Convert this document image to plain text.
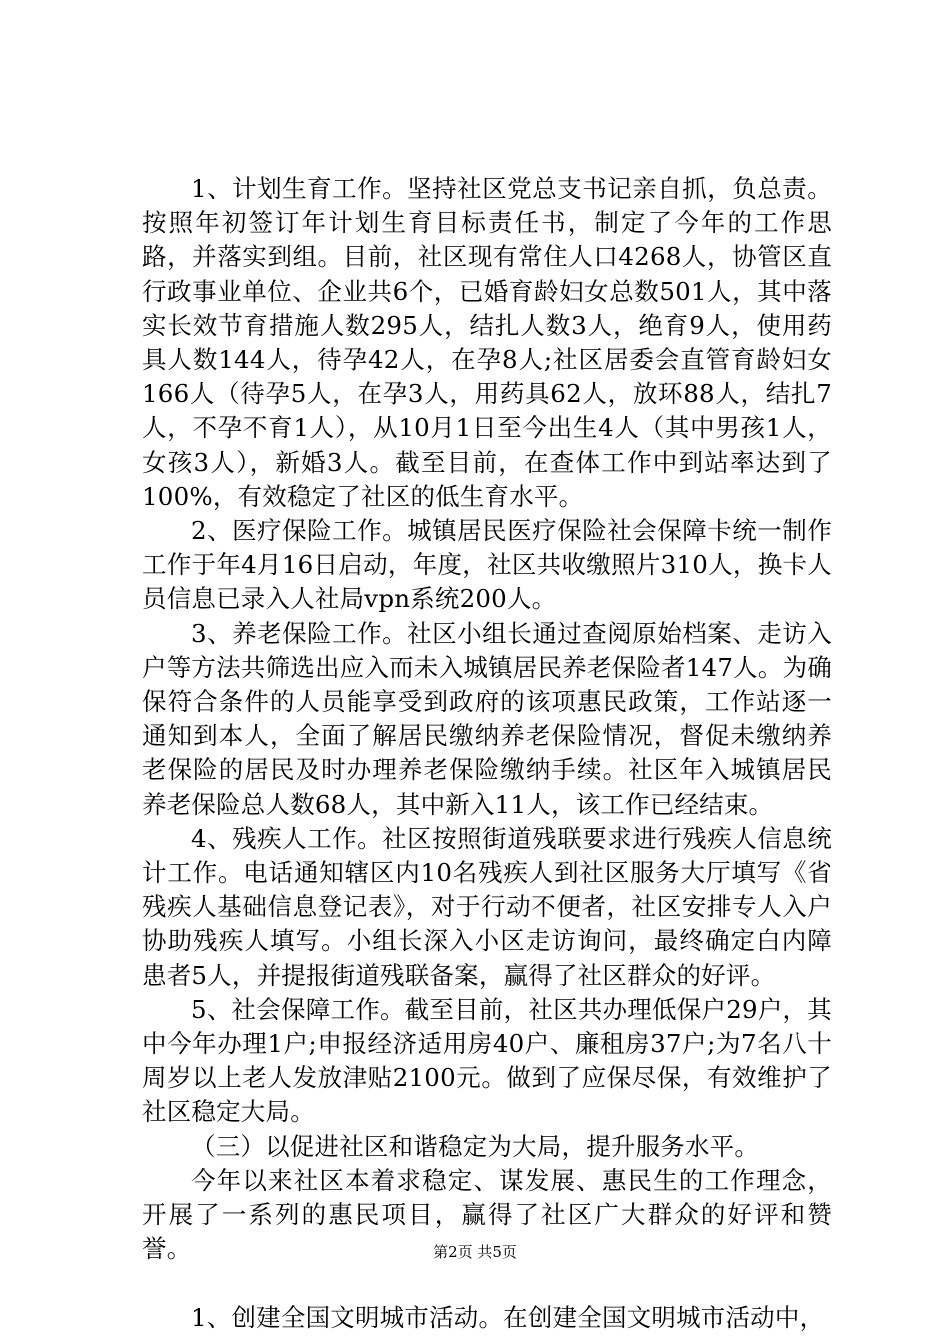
1、计划生育工作。坚持社区党总支书记亲自抓，负总责。按照年初签订年计划生育目标责任书，制定了今年的工作思路，并落实到组。目前，社区现有常住人口4268人，协管区直行政事业单位、企业共6个，已婚育龄妇女总数501人，其中落实长效节育措施人数295人，结扎人数3人，绝育9人，使用药具人数144人，待孕42人，在孕8人;社区居委会直管育龄妇女166人（待孕5人，在孕3人，用药具62人，放环88人，结扎7人，不孕不育1人），从10月1日至今出生4人（其中男孩1人，女孩3人），新婚3人。截至目前，在查体工作中到站率达到了100%，有效稳定了社区的低生育水平。

2、医疗保险工作。城镇居民医疗保险社会保障卡统一制作工作于年4月16日启动，年度，社区共收缴照片310人，换卡人员信息已录入人社局vpn系统200人。

3、养老保险工作。社区小组长通过查阅原始档案、走访入户等方法共筛选出应入而未入城镇居民养老保险者147人。为确保符合条件的人员能享受到政府的该项惠民政策，工作站逐一通知到本人，全面了解居民缴纳养老保险情况，督促未缴纳养老保险的居民及时办理养老保险缴纳手续。社区年入城镇居民养老保险总人数68人，其中新入11人，该工作已经结束。

4、残疾人工作。社区按照街道残联要求进行残疾人信息统计工作。电话通知辖区内10名残疾人到社区服务大厅填写《省残疾人基础信息登记表》，对于行动不便者，社区安排专人入户协助残疾人填写。小组长深入小区走访询问，最终确定白内障患者5人，并提报街道残联备案，赢得了社区群众的好评。

5、社会保障工作。截至目前，社区共办理低保户29户，其中今年办理1户;申报经济适用房40户、廉租房37户;为7名八十周岁以上老人发放津贴2100元。做到了应保尽保，有效维护了社区稳定大局。

（三）以促进社区和谐稳定为大局，提升服务水平。

今年以来社区本着求稳定、谋发展、惠民生的工作理念，开展了一系列的惠民项目，赢得了社区广大群众的好评和赞誉。

1、创建全国文明城市活动。在创建全国文明城市活动中，

第2页 共5页
